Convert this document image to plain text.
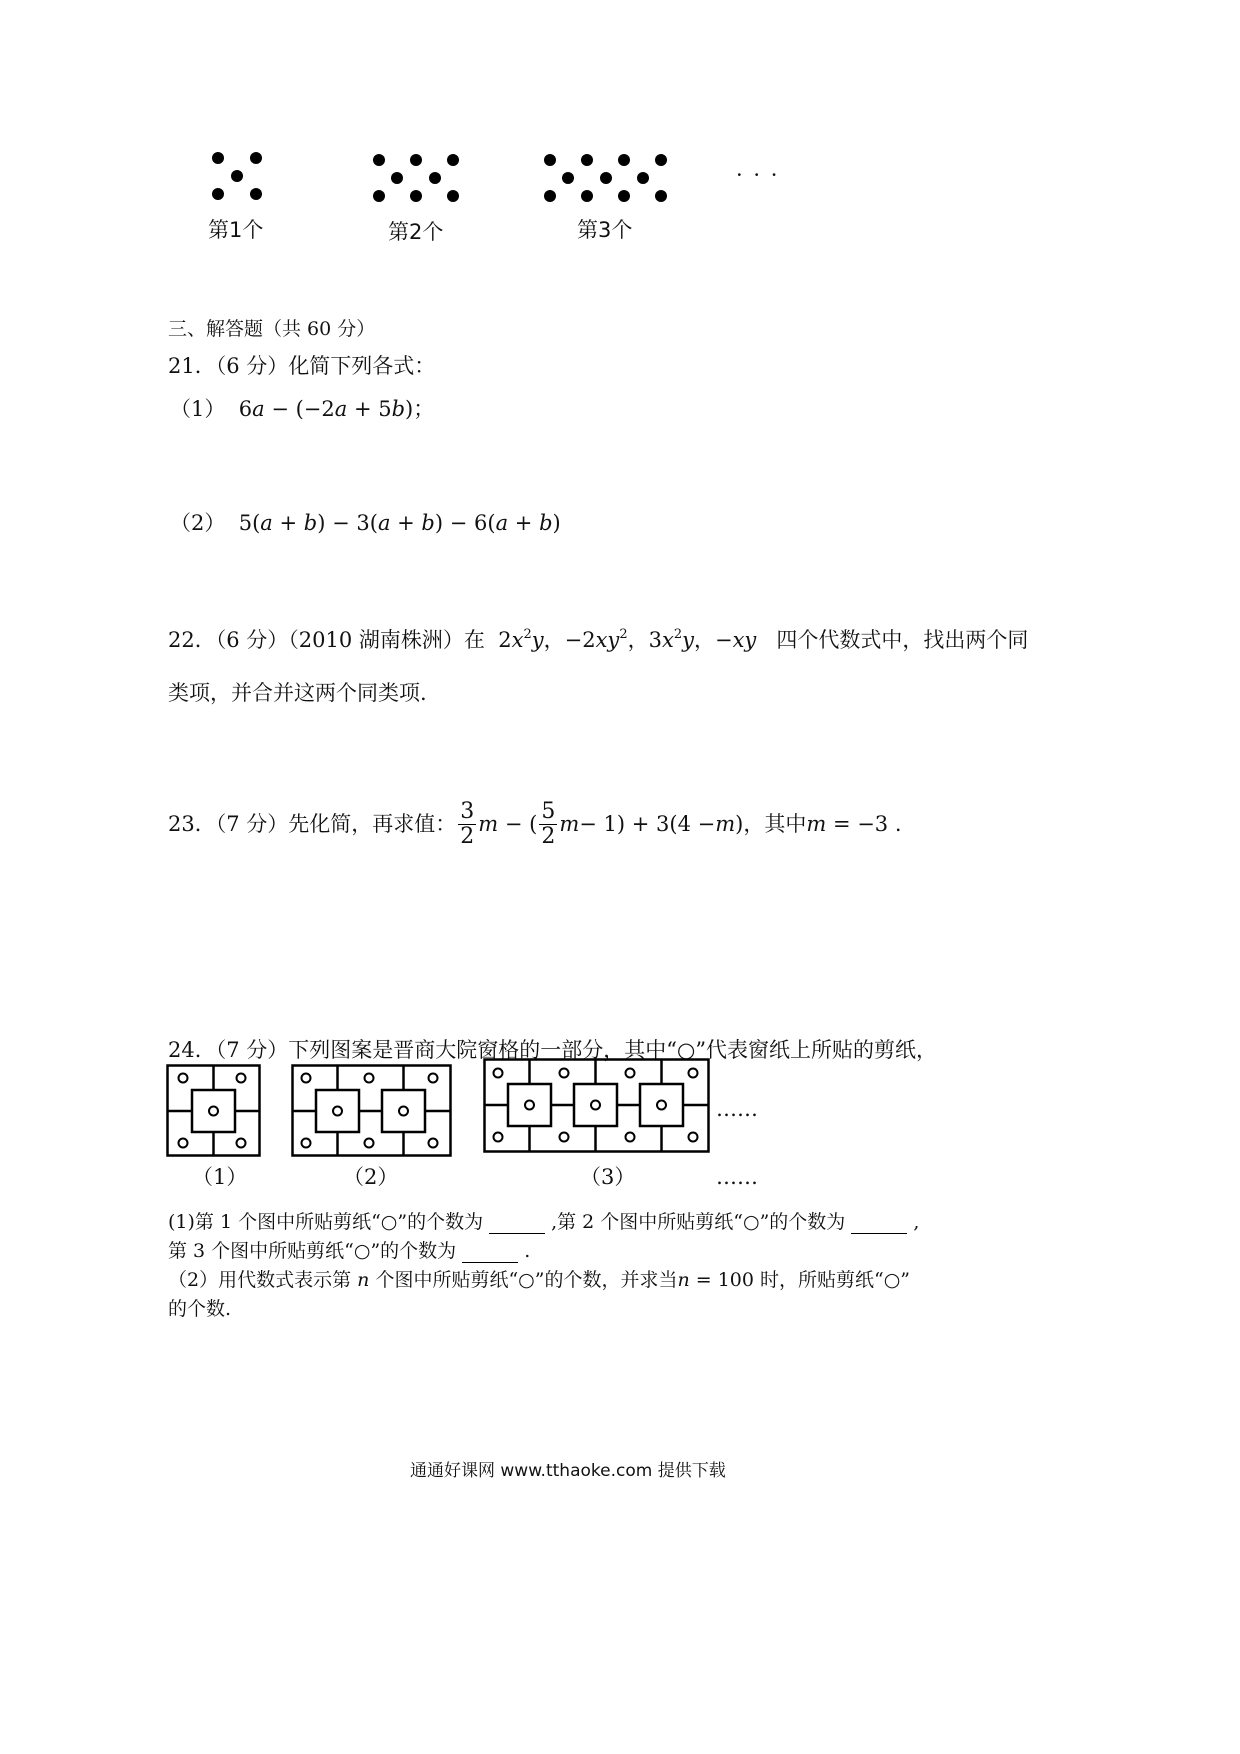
· · ·
第1个	第2个	第3个
三、解答题（共 60 分）
21．（6 分）化简下列各式：
（1）  6a − (−2a + 5b)；
（2）  5(a + b) − 3(a + b) − 6(a + b)
22．（6 分）（2010 湖南株洲）在  $2x^2y$，$-2xy^2$，$3x^2y$，−xy 四个代数式中，找出两个同
类项，并合并这两个同类项.
23．（7 分）先化简，再求值： $\frac{3}{2}$ m − ( $\frac{5}{2}$ m − 1) + 3(4 − m ) ，其中 m = −3 .
24．（7 分）下列图案是晋商大院窗格的一部分，其中“○”代表窗纸上所贴的剪纸，
……
（1）	（2）	（3）	……
(1)第 1 个图中所贴剪纸“○”的个数为	,第 2 个图中所贴剪纸“○”的个数为	,
第 3 个图中所贴剪纸“○”的个数为	.
（2）用代数式表示第 n 个图中所贴剪纸“○”的个数，并求当n = 100 时，所贴剪纸“○”
的个数.
通通好课网 www.tthaoke.com 提供下载
